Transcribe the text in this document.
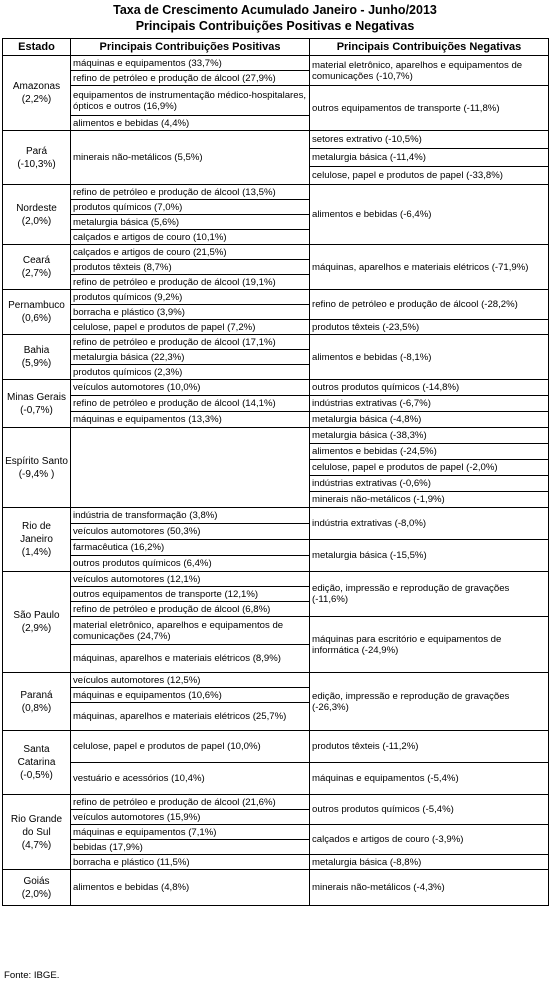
Taxa de Crescimento Acumulado Janeiro - Junho/2013
Principais Contribuições Positivas e Negativas
Estado	Principais Contribuições Positivas	Principais Contribuições Negativas
Amazonas
(2,2%)	máquinas e equipamentos (33,7%)	material eletrônico, aparelhos e equipamentos de comunicações (-10,7%)
	refino de petróleo e produção de álcool (27,9%)	
	equipamentos de instrumentação médico-hospitalares, ópticos e outros (16,9%)	outros equipamentos de transporte (-11,8%)
	alimentos e bebidas (4,4%)	
Pará
(-10,3%)	minerais não-metálicos (5,5%)	setores extrativo (-10,5%)
		metalurgia básica (-11,4%)
		celulose, papel e produtos de papel (-33,8%)
Nordeste
(2,0%)	refino de petróleo e produção de álcool (13,5%)	alimentos e bebidas (-6,4%)
	produtos químicos (7,0%)	
	metalurgia básica (5,6%)	
	calçados e artigos de couro (10,1%)	
Ceará
(2,7%)	calçados e artigos de couro (21,5%)	máquinas, aparelhos e materiais elétricos (-71,9%)
	produtos têxteis (8,7%)	
	refino de petróleo e produção de álcool (19,1%)	
Pernambuco
(0,6%)	produtos químicos (9,2%)	refino de petróleo e produção de álcool (-28,2%)
	borracha e plástico (3,9%)	
	celulose, papel e produtos de papel (7,2%)	produtos têxteis (-23,5%)
Bahia
(5,9%)	refino de petróleo e produção de álcool (17,1%)	alimentos e bebidas (-8,1%)
	metalurgia básica (22,3%)	
	produtos químicos (2,3%)	
Minas Gerais
(-0,7%)	veículos automotores (10,0%)	outros produtos químicos (-14,8%)
	refino de petróleo e produção de álcool (14,1%)	indústrias extrativas (-6,7%)

	máquinas e equipamentos (13,3%)	metalurgia básica (-4,8%)
Espírito Santo
(-9,4% )		metalurgia básica (-38,3%)
		alimentos e bebidas (-24,5%)
		celulose, papel e produtos de papel (-2,0%)
		indústrias extrativas (-0,6%)
		minerais não-metálicos (-1,9%)
Rio de Janeiro
(1,4%)	indústria de transformação (3,8%)	indústria extrativas (-8,0%)
	veículos automotores (50,3%)	
	farmacêutica (16,2%)	metalurgia básica (-15,5%)
	outros produtos químicos (6,4%)	
São Paulo
(2,9%)	veículos automotores (12,1%)	edição, impressão e reprodução de gravações (-11,6%)
	outros equipamentos de transporte (12,1%)	
	refino de petróleo e produção de álcool (6,8%)	
	material eletrônico, aparelhos e equipamentos de comunicações (24,7%)	máquinas para escritório e equipamentos de informática (-24,9%)
	máquinas, aparelhos e materiais elétricos (8,9%)	
Paraná
(0,8%)	veículos automotores (12,5%)	edição, impressão e reprodução de gravações (-26,3%)
	máquinas e equipamentos (10,6%)	
	máquinas, aparelhos e materiais elétricos (25,7%)	
Santa Catarina
(-0,5%)	celulose, papel e produtos de papel (10,0%)	produtos têxteis (-11,2%)
	vestuário e acessórios (10,4%)	máquinas e equipamentos (-5,4%)
Rio Grande do Sul
(4,7%)	refino de petróleo e produção de álcool (21,6%)	outros produtos químicos (-5,4%)
	veículos automotores (15,9%)	
	máquinas e equipamentos (7,1%)	calçados e artigos de couro (-3,9%)
	bebidas (17,9%)	
	borracha e plástico (11,5%)	metalurgia básica (-8,8%)
Goiás
(2,0%)	alimentos e bebidas (4,8%)	minerais não-metálicos (-4,3%)
Fonte: IBGE.
